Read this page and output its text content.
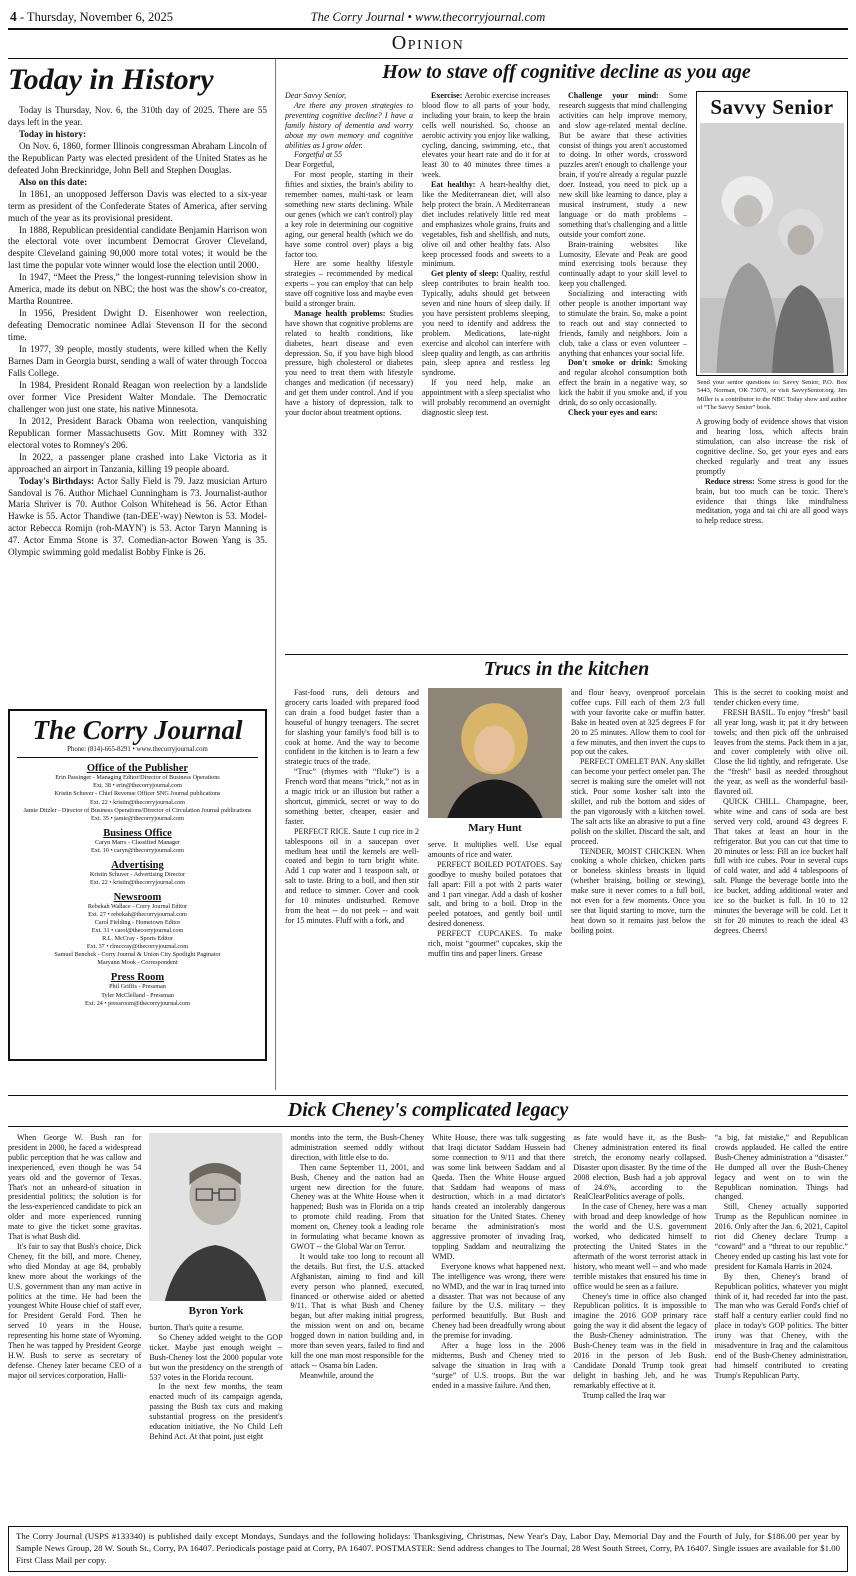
4 - Thursday, November 6, 2025	The Corry Journal • www.thecorryjournal.com
Opinion
Today in History

Today is Thursday, Nov. 6, the 310th day of 2025. There are 55 days left in the year.

Today in history:

On Nov. 6, 1860, former Illinois congressman Abraham Lincoln of the Republican Party was elected president of the United States as he defeated John Breckinridge, John Bell and Stephen Douglas.

Also on this date:

In 1861, an unopposed Jefferson Davis was elected to a six-year term as president of the Confederate States of America, after serving much of the year as its provisional president.

In 1888, Republican presidential candidate Benjamin Harrison won the electoral vote over incumbent Democrat Grover Cleveland, despite Cleveland gaining 90,000 more total votes; it would be the last time the popular vote winner would lose the election until 2000.

In 1947, “Meet the Press,” the longest-running television show in America, made its debut on NBC; the host was the show's co-creator, Martha Rountree.

In 1956, President Dwight D. Eisenhower won reelection, defeating Democratic nominee Adlai Stevenson II for the second time.

In 1977, 39 people, mostly students, were killed when the Kelly Barnes Dam in Georgia burst, sending a wall of water through Toccoa Falls College.

In 1984, President Ronald Reagan won reelection by a landslide over former Vice President Walter Mondale. The Democratic challenger won just one state, his native Minnesota.

In 2012, President Barack Obama won reelection, vanquishing Republican former Massachusetts Gov. Mitt Romney with 332 electoral votes to Romney's 206.

In 2022, a passenger plane crashed into Lake Victoria as it approached an airport in Tanzania, killing 19 people aboard.

Today's Birthdays: Actor Sally Field is 79. Jazz musician Arturo Sandoval is 76. Author Michael Cunningham is 73. Journalist-author Maria Shriver is 70. Author Colson Whitehead is 56. Actor Ethan Hawke is 55. Actor Thandiwe (tan-DEE'-way) Newton is 53. Model-actor Rebecca Romijn (roh-MAYN') is 53. Actor Taryn Manning is 47. Actor Emma Stone is 37. Comedian-actor Bowen Yang is 35. Olympic swimming gold medalist Bobby Finke is 26.

The Corry Journal
Phone: (814)-665-8291 • www.thecorryjournal.com
Office of the Publisher

Erin Passinger - Managing Editor/Director of Business Operations

Ext. 38 • erin@thecorryjournal.com

Kristin Schuver - Chief Revenue Officer SNG Journal publications

Ext. 22 • kristin@thecorryjournal.com

Jamie Ditzler - Director of Business Operations/Director of Circulation Journal publications

Ext. 35 • jamie@thecorryjournal.com

Business Office

Caryn Marrs - Classified Manager

Ext. 10 • caryn@thecorryjournal.com

Advertising

Kristin Schuver - Advertising Director

Ext. 22 • kristin@thecorryjournal.com

Newsroom

Rebekah Wallace - Corry Journal Editor

Ext. 27 • rebekah@thecorryjournal.com

Carol Fielding - Hometown Editor

Ext. 31 • carol@thecorryjournal.com

R.L. McCray - Sports Editor

Ext. 37 • rlmccray@thecorryjournal.com

Samuel Benchek - Corry Journal & Union City Spotlight Paginator

Maryann Mook - Correspondent

Press Room

Phil Griffis - Pressman

Tyler McClelland - Pressman

Ext. 24 • pressroom@thecorryjournal.com

How to stave off cognitive decline as you age

Dear Savvy Senior,

Are there any proven strategies to preventing cognitive decline? I have a family history of dementia and worry about my own memory and cognitive abilities as I grow older.

Forgetful at 55

Dear Forgetful,

For most people, starting in their fifties and sixties, the brain's ability to remember names, multi-task or learn something new starts declining. While our genes (which we can't control) play a key role in determining our cognitive aging, our general health (which we do have some control over) plays a big factor too.

Here are some healthy lifestyle strategies – recommended by medical experts – you can employ that can help stave off cognitive loss and maybe even build a stronger brain.

Manage health problems: Studies have shown that cognitive problems are related to health conditions, like diabetes, heart disease and even depression. So, if you have high blood pressure, high cholesterol or diabetes you need to treat them with lifestyle changes and medication (if necessary) and get them under control. And if you have a history of depression, talk to your doctor about treatment options.

Exercise: Aerobic exercise increases blood flow to all parts of your body, including your brain, to keep the brain cells well nourished. So, choose an aerobic activity you enjoy like walking, cycling, dancing, swimming, etc., that elevates your heart rate and do it for at least 30 to 40 minutes three times a week.

Eat healthy: A heart-healthy diet, like the Mediterranean diet, will also help protect the brain. A Mediterranean diet includes relatively little red meat and emphasizes whole grains, fruits and vegetables, fish and shellfish, and nuts, olive oil and other healthy fats. Also keep processed foods and sweets to a minimum.

Get plenty of sleep: Quality, restful sleep contributes to brain health too. Typically, adults should get between seven and nine hours of sleep daily. If you have persistent problems sleeping, you need to identify and address the problem. Medications, late-night exercise and alcohol can interfere with sleep quality and length, as can arthritis pain, sleep apnea and restless leg syndrome.

If you need help, make an appointment with a sleep specialist who will probably recommend an overnight diagnostic sleep test.

Challenge your mind: Some research suggests that mind challenging activities can help improve memory, and slow age-related mental decline. But be aware that these activities consist of things you aren't accustomed to doing. In other words, crossword puzzles aren't enough to challenge your brain, if you're already a regular puzzle doer. Instead, you need to pick up a new skill like learning to dance, play a musical instrument, study a new language or do math problems – something that's challenging and a little outside your comfort zone.

Brain-training websites like Lumosity, Elevate and Peak are good mind exercising tools because they continually adapt to your skill level to keep you challenged.

Socializing and interacting with other people is another important way to stimulate the brain. So, make a point to reach out and stay connected to friends, family and neighbors. Join a club, take a class or even volunteer – anything that enhances your social life.

Don't smoke or drink: Smoking and regular alcohol consumption both effect the brain in a negative way, so kick the habit if you smoke and, if you drink, do so only occasionally.

Check your eyes and ears:

Savvy Senior

Send your senior questions to: Savvy Senior, P.O. Box 5443, Norman, OK 73070, or visit SavvySenior.org. Jim Miller is a contributor to the NBC Today show and author of “The Savvy Senior” book.

A growing body of evidence shows that vision and hearing loss, which affects brain stimulation, can also increase the risk of cognitive decline. So, get your eyes and ears checked regularly and treat any issues promptly

Reduce stress: Some stress is good for the brain, but too much can be toxic. There's evidence that things like mindfulness meditation, yoga and tai chi are all good ways to help reduce stress.

Trucs in the kitchen

Fast-food runs, deli detours and grocery carts loaded with prepared food can drain a food budget faster than a houseful of hungry teenagers. The secret for slashing your family's food bill is to cook at home. And the way to become confident in the kitchen is to learn a few strategic trucs of the trade.

“Truc” (rhymes with “fluke”) is a French word that means “trick,” not as in a magic trick or an illusion but rather a shortcut, gimmick, secret or way to do something better, cheaper, easier and faster.

PERFECT RICE. Saute 1 cup rice in 2 tablespoons oil in a saucepan over medium heat until the kernels are well-coated and begin to turn bright white. Add 1 cup water and 1 teaspoon salt, or salt to taste. Bring to a boil, and then stir and reduce to simmer. Cover and cook for 10 minutes undisturbed. Remove from the heat -- do not peek -- and wait for 15 minutes. Fluff with a fork, and

Mary Hunt

serve. It multiplies well. Use equal amounts of rice and water.

PERFECT BOILED POTATOES. Say goodbye to mushy boiled potatoes that fall apart: Fill a pot with 2 parts water and 1 part vinegar. Add a dash of kosher salt, and bring to a boil. Drop in the peeled potatoes, and gently boil until desired doneness.

PERFECT CUPCAKES. To make rich, moist “gourmet” cupcakes, skip the muffin tins and paper liners. Grease

and flour heavy, ovenproof porcelain coffee cups. Fill each of them 2/3 full with your favorite cake or muffin batter. Bake in heated oven at 325 degrees F for 20 to 25 minutes. Allow them to cool for a few minutes, and then invert the cups to pop out the cakes.

PERFECT OMELET PAN. Any skillet can become your perfect omelet pan. The secret is making sure the omelet will not stick. Pour some kosher salt into the skillet, and rub the bottom and sides of the pan vigorously with a kitchen towel. The salt acts like an abrasive to put a fine polish on the skillet. Discard the salt, and proceed.

TENDER, MOIST CHICKEN. When cooking a whole chicken, chicken parts or boneless skinless breasts in liquid (whether braising, boiling or stewing), make sure it never comes to a full boil, not even for a few moments. Once you see that liquid starting to move, turn the heat down so it remains just below the boiling point.

This is the secret to cooking moist and tender chicken every time.

FRESH BASIL. To enjoy “fresh” basil all year long, wash it; pat it dry between towels; and then pick off the unbruised leaves from the stems. Pack them in a jar, and cover completely with olive oil. Close the lid tightly, and refrigerate. Use the “fresh” basil as needed throughout the year, as well as the wonderful basil-flavored oil.

QUICK CHILL. Champagne, beer, white wine and cans of soda are best served very cold, around 43 degrees F. That takes at least an hour in the refrigerator. But you can cut that time to 20 minutes or less: Fill an ice bucket half full with ice cubes. Pour in several cups of cold water, and add 4 tablespoons of salt. Plunge the beverage bottle into the ice bucket, adding additional water and ice so the bucket is full. In 10 to 12 minutes the beverage will be cold. Let it sit for 20 minutes to reach the ideal 43 degrees. Cheers!

Dick Cheney's complicated legacy

When George W. Bush ran for president in 2000, he faced a widespread public perception that he was callow and inexperienced, even though he was 54 years old and the governor of Texas. That's not an unheard-of situation in presidential politics; the solution is for the less-experienced candidate to pick an older and more experienced running mate to give the ticket some gravitas. That is what Bush did.

It's fair to say that Bush's choice, Dick Cheney, fit the bill, and more. Cheney, who died Monday at age 84, probably knew more about the workings of the U.S. government than any man active in politics at the time. He had been the youngest White House chief of staff ever, for President Gerald Ford. Then he served 10 years in the House, representing his home state of Wyoming. Then he was tapped by President George H.W. Bush to serve as secretary of defense. Cheney later became CEO of a major oil services corporation, Halli-

Byron York

burton. That's quite a resume.

So Cheney added weight to the GOP ticket. Maybe just enough weight -- Bush-Cheney lost the 2000 popular vote but won the presidency on the strength of 537 votes in the Florida recount.

In the next few months, the team enacted much of its campaign agenda, passing the Bush tax cuts and making substantial progress on the president's education initiative, the No Child Left Behind Act. At that point, just eight

months into the term, the Bush-Cheney administration seemed oddly without direction, with little else to do.

Then came September 11, 2001, and Bush, Cheney and the nation had an urgent new direction for the future. Cheney was at the White House when it happened; Bush was in Florida on a trip to promote child reading. From that moment on, Cheney took a leading role in formulating what became known as GWOT -- the Global War on Terror.

It would take too long to recount all the details. But first, the U.S. attacked Afghanistan, aiming to find and kill every person who planned, executed, financed or otherwise aided or abetted 9/11. That is what Bush and Cheney began, but after making initial progress, the mission went on and on, became bogged down in nation building and, in more than seven years, failed to find and kill the one man most responsible for the attack -- Osama bin Laden.

Meanwhile, around the

White House, there was talk suggesting that Iraqi dictator Saddam Hussein had some connection to 9/11 and that there was some link between Saddam and al Qaeda. Then the White House argued that Saddam had weapons of mass destruction, which in a mad dictator's hands created an intolerably dangerous situation for the United States. Cheney became the administration's most aggressive promoter of invading Iraq, toppling Saddam and neutralizing the WMD.

Everyone knows what happened next. The intelligence was wrong, there were no WMD, and the war in Iraq turned into a disaster. That was not because of any failure by the U.S. military -- they performed beautifully. But Bush and Cheney had been dreadfully wrong about the premise for invading.

After a huge loss in the 2006 midterms, Bush and Cheney tried to salvage the situation in Iraq with a “surge” of U.S. troops. But the war ended in a massive failure. And then,

as fate would have it, as the Bush-Cheney administration entered its final stretch, the economy nearly collapsed. Disaster upon disaster. By the time of the 2008 election, Bush had a job approval of 24.6%, according to the RealClearPolitics average of polls.

In the case of Cheney, here was a man with broad and deep knowledge of how the world and the U.S. government worked, who dedicated himself to protecting the United States in the aftermath of the worst terrorist attack in history, who meant well -- and who made terrible mistakes that ensured his time in office would be seen as a failure.

Cheney's time in office also changed Republican politics. It is impossible to imagine the 2016 GOP primary race going the way it did absent the legacy of the Bush-Cheney administration. The Bush-Cheney team was in the field in 2016 in the person of Jeb Bush. Candidate Donald Trump took great delight in bashing Jeb, and he was remarkably effective at it.

Trump called the Iraq war

“a big, fat mistake,” and Republican crowds applauded. He called the entire Bush-Cheney administration a “disaster.” He dumped all over the Bush-Cheney legacy and went on to win the Republican nomination. Things had changed.

Still, Cheney actually supported Trump as the Republican nominee in 2016. Only after the Jan. 6, 2021, Capitol riot did Cheney declare Trump a “coward” and a “threat to our republic.” Cheney ended up casting his last vote for president for Kamala Harris in 2024.

By then, Cheney's brand of Republican politics, whatever you might think of it, had receded far into the past. The man who was Gerald Ford's chief of staff half a century earlier could find no place in today's GOP politics. The bitter irony was that Cheney, with the misadventure in Iraq and the calamitous end of the Bush-Cheney administration, had himself contributed to creating Trump's Republican Party.

The Corry Journal (USPS #133340) is published daily except Mondays, Sundays and the following holidays: Thanksgiving, Christmas, New Year's Day, Labor Day, Memorial Day and the Fourth of July, for $186.00 per year by Sample News Group, 28 W. South St., Corry, PA 16407. Periodicals postage paid at Corry, PA 16407. POSTMASTER: Send address changes to The Journal, 28 West South Street, Corry, PA 16407. Single issues are available for $1.00 First Class Mail per copy.
